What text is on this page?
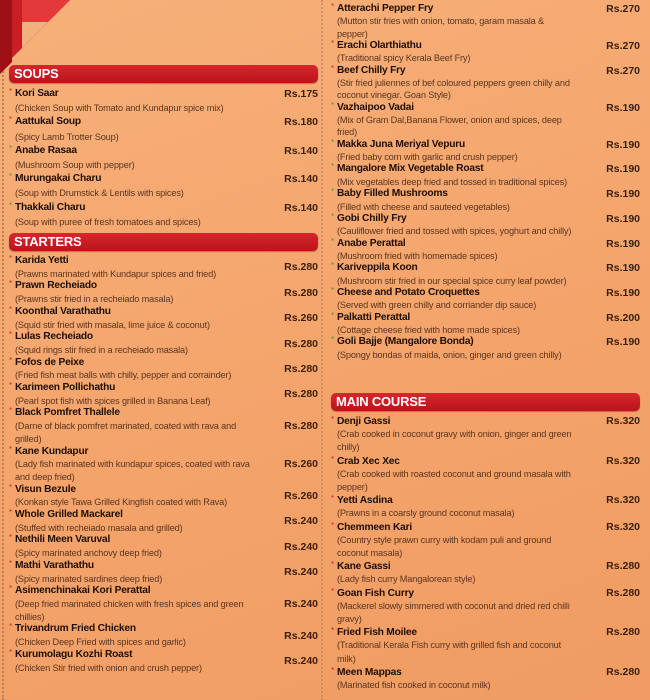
SOUPS
* Kori Saar
(Chicken Soup with Tomato and Kundapur spice mix)
Rs.175
* Aattukal Soup
(Spicy Lamb Trotter Soup)
Rs.180
* Anabe Rasaa
(Mushroom Soup with pepper)
Rs.140
* Murungakai Charu
(Soup with Drumstick & Lentils with spices)
Rs.140
* Thakkali Charu
(Soup with puree of fresh tomatoes and spices)
Rs.140
STARTERS
* Karida Yetti
(Prawns marinated with Kundapur spices and fried)
Rs.280
* Prawn Recheiado
(Prawns stir fried in a recheiado masala)
Rs.280
* Koonthal Varathathu
(Squid stir fried with masala, lime juice & coconut)
Rs.260
* Lulas Recheiado
(Squid rings stir fried in a recheiado masala)
Rs.280
* Fofos de Peixe
(Fried fish meat balls with chilly, pepper and corrainder)
Rs.280
* Karimeen Pollichathu
(Pearl spot fish with spices grilled in Banana Leaf)
Rs.280
* Black Pomfret Thallele
(Darne of black pomfret marinated, coated with rava and grilled)
Rs.280
* Kane Kundapur
(Lady fish marinated with kundapur spices, coated with rava and deep fried)
Rs.260
* Visun Bezule
(Konkan style Tawa Grilled Kingfish coated with Rava)
Rs.260
* Whole Grilled Mackarel
(Stuffed with recheiado masala and grilled)
Rs.240
* Nethili Meen Varuval
(Spicy marinated anchovy deep fried)
Rs.240
* Mathi Varathathu
(Spicy marinated sardines deep fried)
Rs.240
* Asimenchinakai Kori Perattal
(Deep fried marinated chicken with fresh spices and green chillies)
Rs.240
* Trivandrum Fried Chicken
(Chicken Deep Fried with spices and garlic)
Rs.240
* Kurumolagu Kozhi Roast
(Chicken Stir fried with onion and crush pepper)
Rs.240
* Atterachi Pepper Fry
(Mutton stir fries with onion, tomato, garam masala & pepper)
Rs.270
* Erachi Olarthiathu
(Traditional spicy Kerala Beef Fry)
Rs.270
* Beef Chilly Fry
(Stir fried juliennes of bef coloured peppers green chilly and coconut vinegar. Goan Style)
Rs.270
* Vazhaipoo Vadai
(Mix of Gram Dal,Banana Flower, onion and spices, deep fried)
Rs.190
* Makka Juna Meriyal Vepuru
(Fried baby corn with garlic and crush pepper)
Rs.190
* Mangalore Mix Vegetable Roast
(Mix vegetables deep fried and tossed in traditional spices)
Rs.190
* Baby Filled Mushrooms
(Filled with cheese and sauteed vegetables)
Rs.190
* Gobi Chilly Fry
(Cauliflower fried and tossed with spices, yoghurt and chilly)
Rs.190
* Anabe Perattal
(Mushroom fried with homemade spices)
Rs.190
* Kariveppila Koon
(Mushroom stir fried in our special spice curry leaf powder)
Rs.190
* Cheese and Potato Croquettes
(Served with green chilly and corriander dip sauce)
Rs.190
* Palkatti Perattal
(Cottage cheese fried with home made spices)
Rs.200
* Goli Bajje (Mangalore Bonda)
(Spongy bondas of maida, onion, ginger and green chilly)
Rs.190
MAIN COURSE
* Denji Gassi
(Crab cooked in coconut gravy with onion, ginger and green chilly)
Rs.320
* Crab Xec Xec
(Crab cooked with roasted coconut and ground masala with pepper)
Rs.320
* Yetti Asdina
(Prawns in a coarsly ground coconut masala)
Rs.320
* Chemmeen Kari
(Country style prawn curry with kodam puli and ground coconut masala)
Rs.320
* Kane Gassi
(Lady fish curry Mangalorean style)
Rs.280
* Goan Fish Curry
(Mackerel slowly simmered with coconut and dried red chilli gravy)
Rs.280
* Fried Fish Moilee
(Traditional Kerala Fish curry with grilled fish and coconut milk)
Rs.280
* Meen Mappas
(Marinated fish cooked in coconut milk)
Rs.280
